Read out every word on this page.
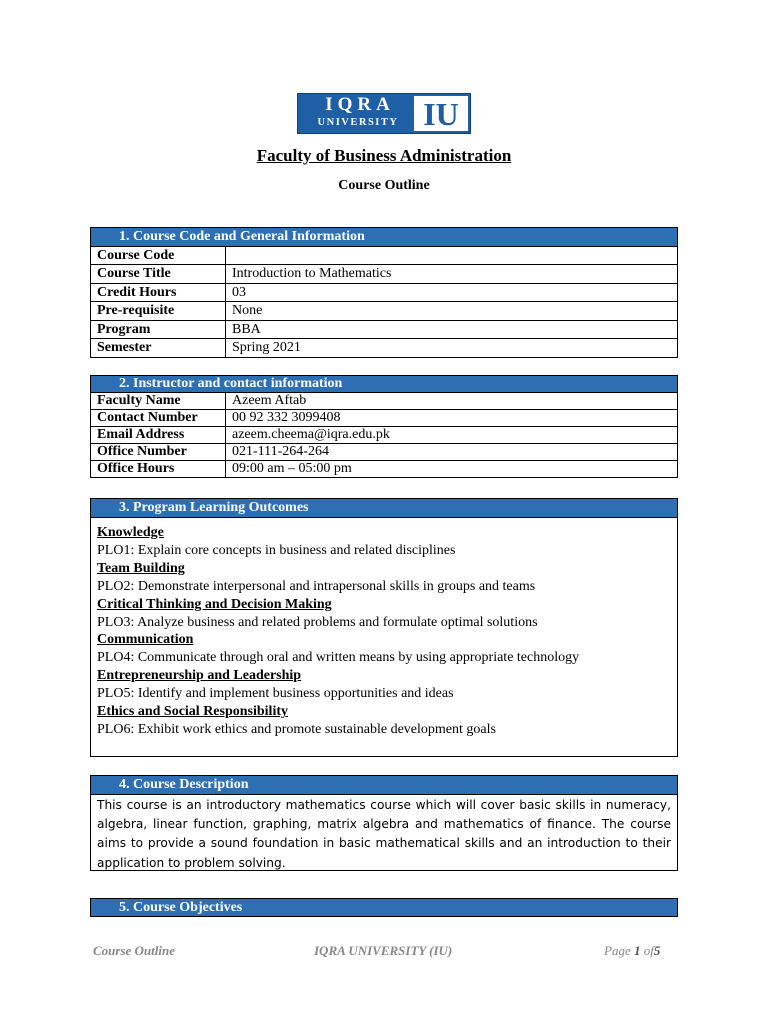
IQRA
UNIVERSITY IU
Faculty of Business Administration
Course Outline
1. Course Code and General Information	
Course Code	
Course Title	Introduction to Mathematics
Credit Hours	03
Pre-requisite	None
Program	BBA
Semester	Spring 2021
2. Instructor and contact information	
Faculty Name	Azeem Aftab
Contact Number	00 92 332 3099408
Email Address	azeem.cheema@iqra.edu.pk
Office Number	021-111-264-264
Office Hours	09:00 am – 05:00 pm
3. Program Learning Outcomes
Knowledge
PLO1: Explain core concepts in business and related disciplines
Team Building
PLO2: Demonstrate interpersonal and intrapersonal skills in groups and teams
Critical Thinking and Decision Making
PLO3: Analyze business and related problems and formulate optimal solutions
Communication
PLO4: Communicate through oral and written means by using appropriate technology
Entrepreneurship and Leadership
PLO5: Identify and implement business opportunities and ideas
Ethics and Social Responsibility
PLO6: Exhibit work ethics and promote sustainable development goals
4. Course Description
This course is an introductory mathematics course which will cover basic skills in numeracy, algebra, linear function, graphing, matrix algebra and mathematics of finance. The course aims to provide a sound foundation in basic mathematical skills and an introduction to their application to problem solving.
5. Course Objectives
Course Outline	IQRA UNIVERSITY (IU)	Page 1 of5
